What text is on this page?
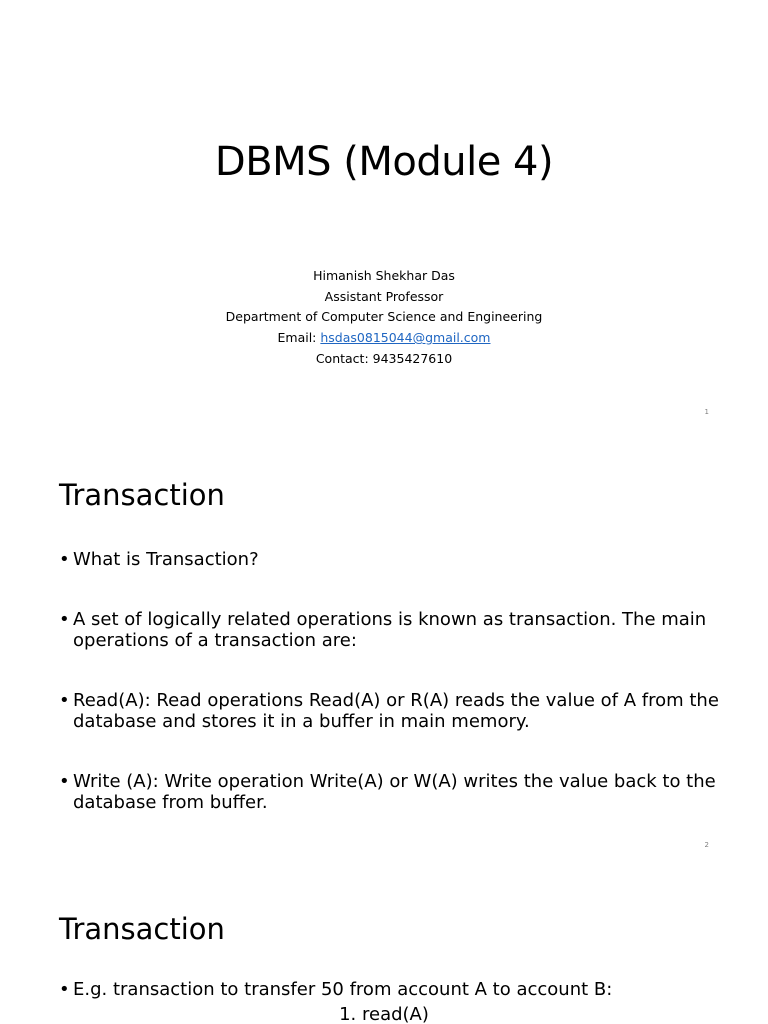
DBMS (Module 4)
Himanish Shekhar Das
Assistant Professor
Department of Computer Science and Engineering
Email: hsdas0815044@gmail.com
Contact: 9435427610
1
Transaction
• What is Transaction?
• A set of logically related operations is known as transaction. The main operations of a transaction are:
• Read(A): Read operations Read(A) or R(A) reads the value of A from the database and stores it in a buffer in main memory.
• Write (A): Write operation Write(A) or W(A) writes the value back to the database from buffer.
2
Transaction
• E.g. transaction to transfer 50 from account A to account B:
1. read(A)
